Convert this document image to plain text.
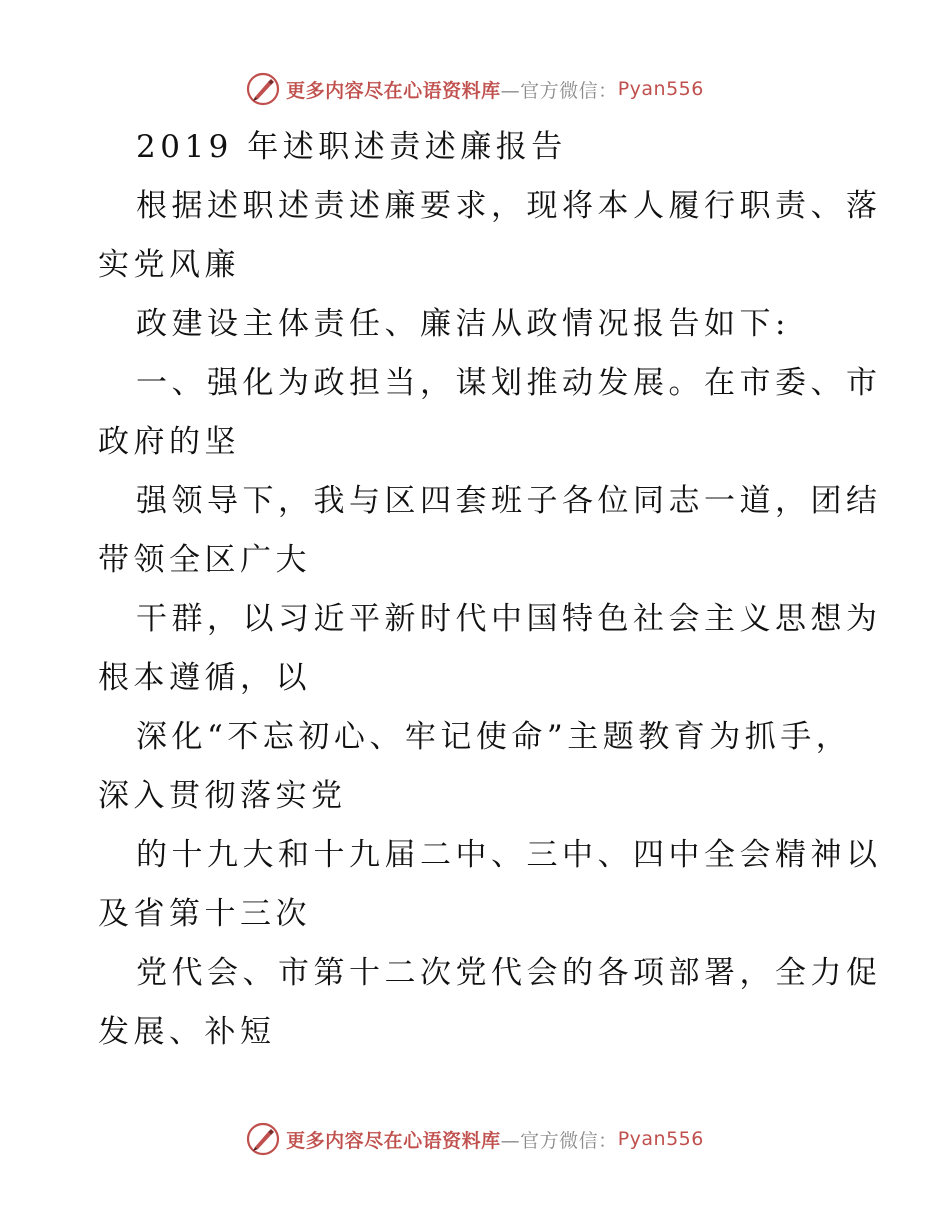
更多内容尽在心语资料库 —官方微信： Pyan556
2019 年述职述责述廉报告
根据述职述责述廉要求，现将本人履行职责、落
实党风廉
政建设主体责任、廉洁从政情况报告如下:
一、强化为政担当，谋划推动发展。在市委、市
政府的坚
强领导下，我与区四套班子各位同志一道，团结
带领全区广大
干群，以习近平新时代中国特色社会主义思想为
根本遵循，以
深化“不忘初心、牢记使命”主题教育为抓手，
深入贯彻落实党
的十九大和十九届二中、三中、四中全会精神以
及省第十三次
党代会、市第十二次党代会的各项部署，全力促
发展、补短
更多内容尽在心语资料库 —官方微信： Pyan556
